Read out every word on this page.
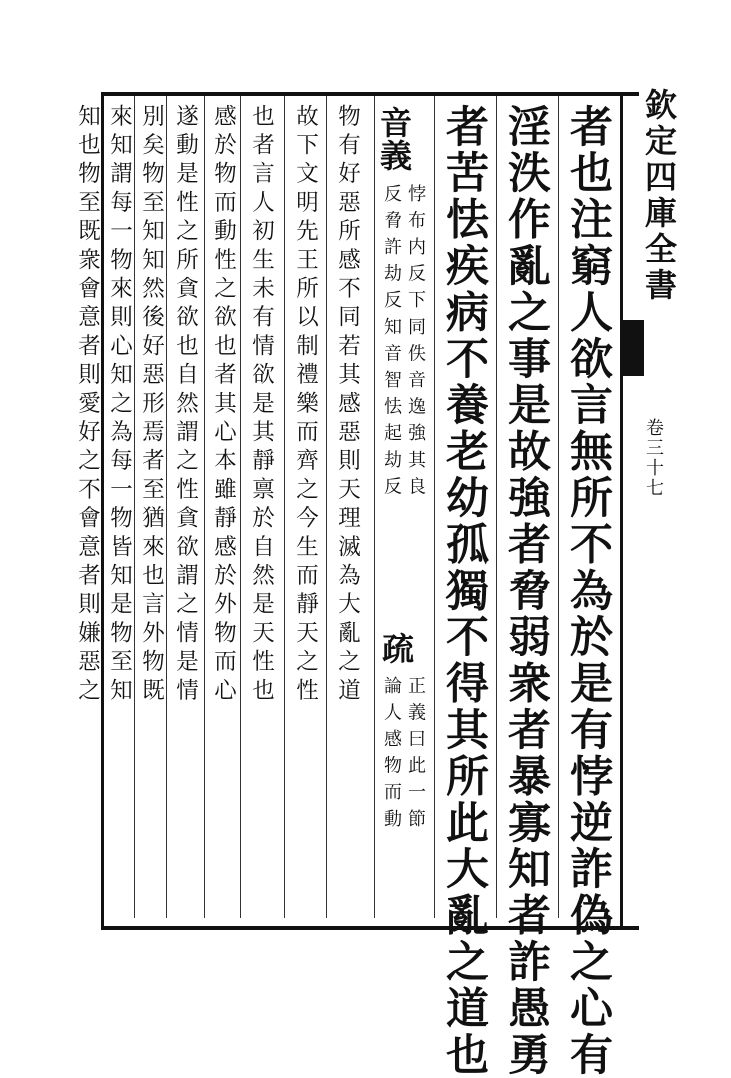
欽定四庫全書
卷三十七
者也注窮人欲言無所不為於是有悖逆詐偽之心有
淫泆作亂之事是故強者脅弱衆者暴寡知者詐愚勇
者苦怯疾病不養老幼孤獨不得其所此大亂之道也
音義
悖布内反下同佚音逸強其良
反脅許劫反知音智怯起劫反
疏
正義曰此一節
論人感物而動
物有好惡所感不同若其感惡則天理滅為大亂之道
故下文明先王所以制禮樂而齊之今生而靜天之性
也者言人初生未有情欲是其靜禀於自然是天性也
感於物而動性之欲也者其心本雖靜感於外物而心
遂動是性之所貪欲也自然謂之性貪欲謂之情是情
別矣物至知知然後好惡形焉者至猶來也言外物既
來知謂每一物來則心知之為每一物皆知是物至知
知也物至既衆會意者則愛好之不會意者則嫌惡之
